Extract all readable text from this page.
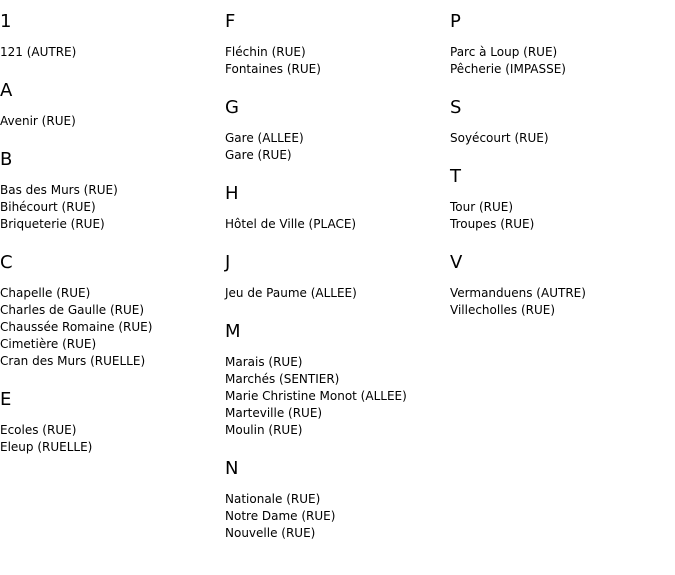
1
121 (AUTRE)
A
Avenir (RUE)
B
Bas des Murs (RUE)
Bihécourt (RUE)
Briqueterie (RUE)
C
Chapelle (RUE)
Charles de Gaulle (RUE)
Chaussée Romaine (RUE)
Cimetière (RUE)
Cran des Murs (RUELLE)
E
Ecoles (RUE)
Eleup (RUELLE)
F
Fléchin (RUE)
Fontaines (RUE)
G
Gare (ALLEE)
Gare (RUE)
H
Hôtel de Ville (PLACE)
J
Jeu de Paume (ALLEE)
M
Marais (RUE)
Marchés (SENTIER)
Marie Christine Monot (ALLEE)
Marteville (RUE)
Moulin (RUE)
N
Nationale (RUE)
Notre Dame (RUE)
Nouvelle (RUE)
P
Parc à Loup (RUE)
Pêcherie (IMPASSE)
S
Soyécourt (RUE)
T
Tour (RUE)
Troupes (RUE)
V
Vermanduens (AUTRE)
Villecholles (RUE)
